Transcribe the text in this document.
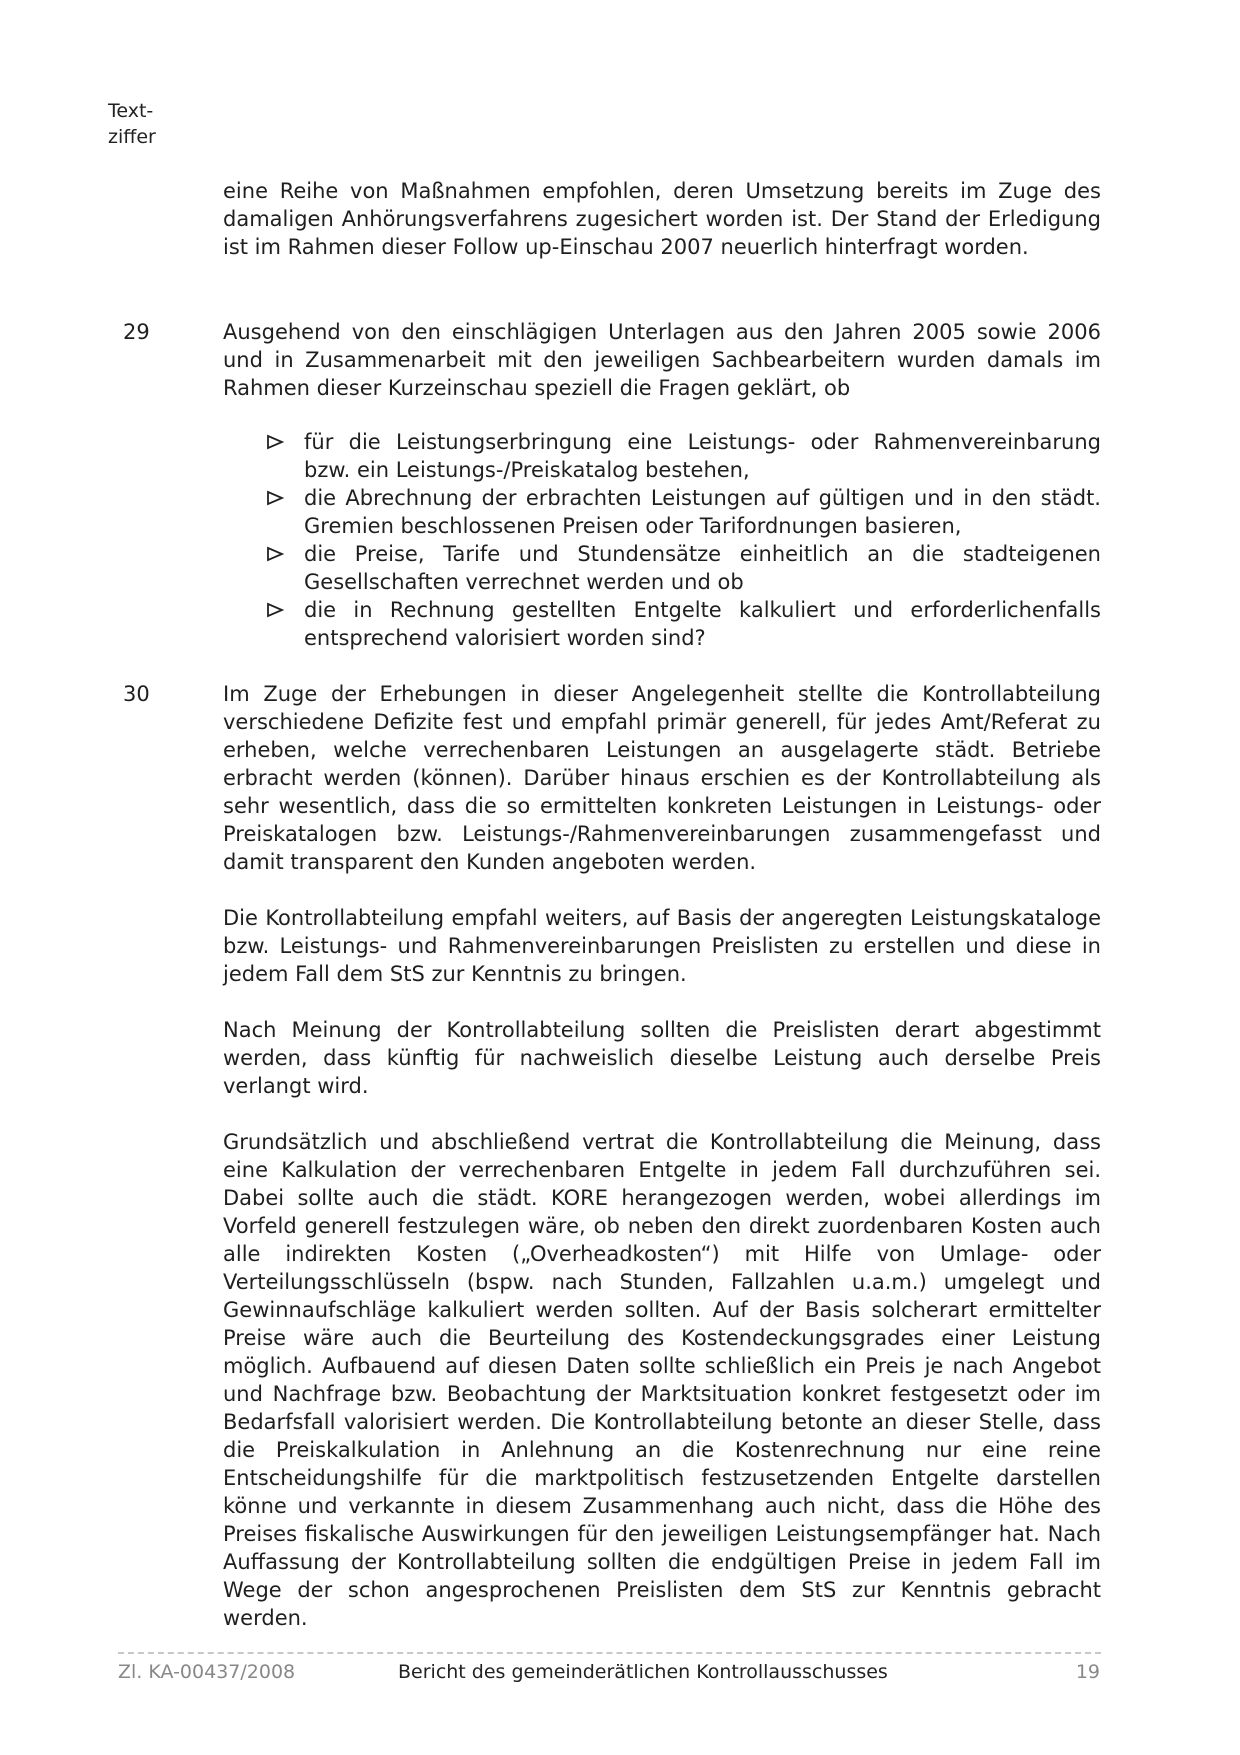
Text-
ziffer
eine Reihe von Maßnahmen empfohlen, deren Umsetzung bereits im Zuge des damaligen Anhörungsverfahrens zugesichert worden ist. Der Stand der Erledigung ist im Rahmen dieser Follow up-Einschau 2007 neuerlich hinterfragt worden.
29	Ausgehend von den einschlägigen Unterlagen aus den Jahren 2005 sowie 2006 und in Zusammenarbeit mit den jeweiligen Sachbearbeitern wurden damals im Rahmen dieser Kurzeinschau speziell die Fragen geklärt, ob
für die Leistungserbringung eine Leistungs- oder Rahmenvereinbarung bzw. ein Leistungs-/Preiskatalog bestehen,
die Abrechnung der erbrachten Leistungen auf gültigen und in den städt. Gremien beschlossenen Preisen oder Tarifordnungen basieren,
die Preise, Tarife und Stundensätze einheitlich an die stadteigenen Gesellschaften verrechnet werden und ob
die in Rechnung gestellten Entgelte kalkuliert und erforderlichenfalls entsprechend valorisiert worden sind?
30	Im Zuge der Erhebungen in dieser Angelegenheit stellte die Kontrollabteilung verschiedene Defizite fest und empfahl primär generell, für jedes Amt/Referat zu erheben, welche verrechenbaren Leistungen an ausgelagerte städt. Betriebe erbracht werden (können). Darüber hinaus erschien es der Kontrollabteilung als sehr wesentlich, dass die so ermittelten konkreten Leistungen in Leistungs- oder Preiskatalogen bzw. Leistungs-/Rahmenvereinbarungen zusammengefasst und damit transparent den Kunden angeboten werden.

Die Kontrollabteilung empfahl weiters, auf Basis der angeregten Leistungskataloge bzw. Leistungs- und Rahmenvereinbarungen Preislisten zu erstellen und diese in jedem Fall dem StS zur Kenntnis zu bringen.

Nach Meinung der Kontrollabteilung sollten die Preislisten derart abgestimmt werden, dass künftig für nachweislich dieselbe Leistung auch derselbe Preis verlangt wird.

Grundsätzlich und abschließend vertrat die Kontrollabteilung die Meinung, dass eine Kalkulation der verrechenbaren Entgelte in jedem Fall durchzuführen sei. Dabei sollte auch die städt. KORE herangezogen werden, wobei allerdings im Vorfeld generell festzulegen wäre, ob neben den direkt zuordenbaren Kosten auch alle indirekten Kosten („Overheadkosten“) mit Hilfe von Umlage- oder Verteilungsschlüsseln (bspw. nach Stunden, Fallzahlen u.a.m.) umgelegt und Gewinnaufschläge kalkuliert werden sollten. Auf der Basis solcherart ermittelter Preise wäre auch die Beurteilung des Kostendeckungsgrades einer Leistung möglich. Aufbauend auf diesen Daten sollte schließlich ein Preis je nach Angebot und Nachfrage bzw. Beobachtung der Marktsituation konkret festgesetzt oder im Bedarfsfall valorisiert werden. Die Kontrollabteilung betonte an dieser Stelle, dass die Preiskalkulation in Anlehnung an die Kostenrechnung nur eine reine Entscheidungshilfe für die marktpolitisch festzusetzenden Entgelte darstellen könne und verkannte in diesem Zusammenhang auch nicht, dass die Höhe des Preises fiskalische Auswirkungen für den jeweiligen Leistungsempfänger hat. Nach Auffassung der Kontrollabteilung sollten die endgültigen Preise in jedem Fall im Wege der schon angesprochenen Preislisten dem StS zur Kenntnis gebracht werden.

Zl. KA-00437/2008	Bericht des gemeinderätlichen Kontrollausschusses	19
